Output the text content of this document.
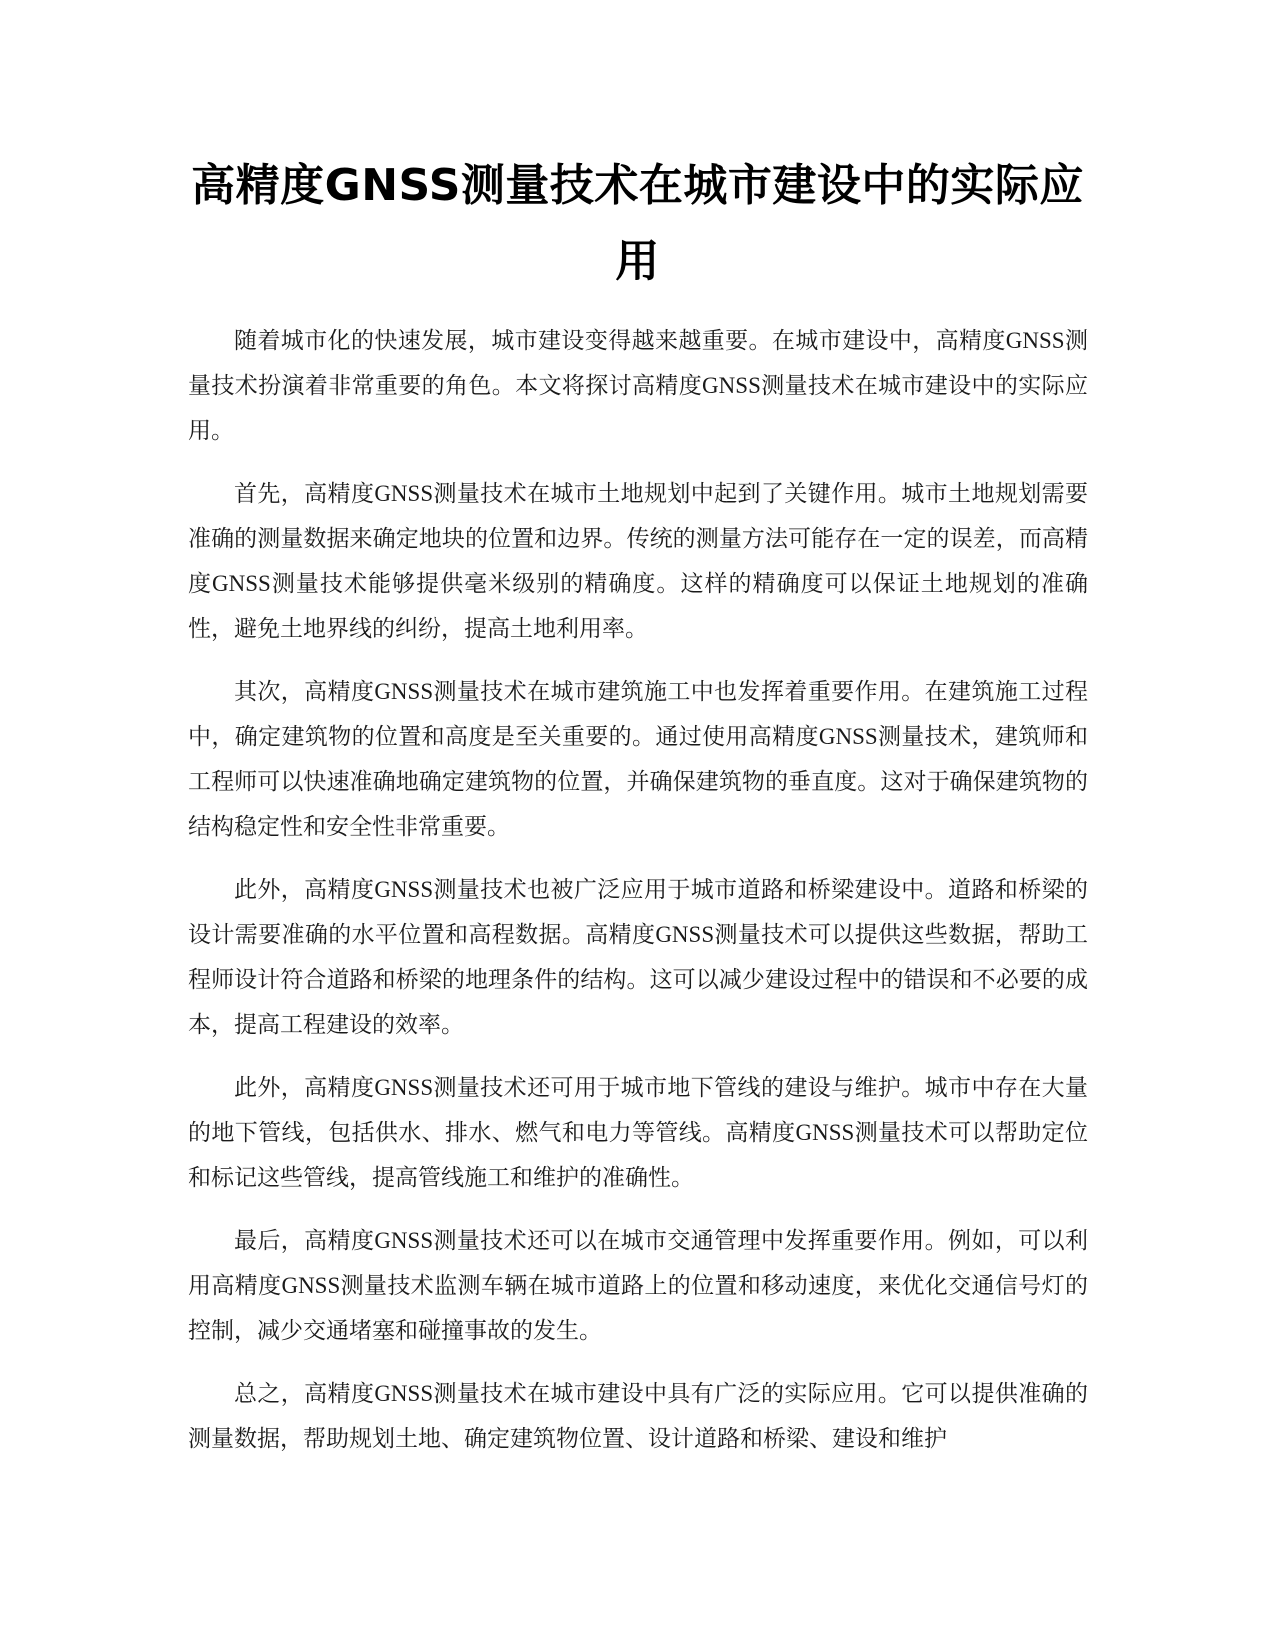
高精度GNSS测量技术在城市建设中的实际应用

随着城市化的快速发展，城市建设变得越来越重要。在城市建设中，高精度GNSS测量技术扮演着非常重要的角色。本文将探讨高精度GNSS测量技术在城市建设中的实际应用。

首先，高精度GNSS测量技术在城市土地规划中起到了关键作用。城市土地规划需要准确的测量数据来确定地块的位置和边界。传统的测量方法可能存在一定的误差，而高精度GNSS测量技术能够提供毫米级别的精确度。这样的精确度可以保证土地规划的准确性，避免土地界线的纠纷，提高土地利用率。

其次，高精度GNSS测量技术在城市建筑施工中也发挥着重要作用。在建筑施工过程中，确定建筑物的位置和高度是至关重要的。通过使用高精度GNSS测量技术，建筑师和工程师可以快速准确地确定建筑物的位置，并确保建筑物的垂直度。这对于确保建筑物的结构稳定性和安全性非常重要。

此外，高精度GNSS测量技术也被广泛应用于城市道路和桥梁建设中。道路和桥梁的设计需要准确的水平位置和高程数据。高精度GNSS测量技术可以提供这些数据，帮助工程师设计符合道路和桥梁的地理条件的结构。这可以减少建设过程中的错误和不必要的成本，提高工程建设的效率。

此外，高精度GNSS测量技术还可用于城市地下管线的建设与维护。城市中存在大量的地下管线，包括供水、排水、燃气和电力等管线。高精度GNSS测量技术可以帮助定位和标记这些管线，提高管线施工和维护的准确性。

最后，高精度GNSS测量技术还可以在城市交通管理中发挥重要作用。例如，可以利用高精度GNSS测量技术监测车辆在城市道路上的位置和移动速度，来优化交通信号灯的控制，减少交通堵塞和碰撞事故的发生。

总之，高精度GNSS测量技术在城市建设中具有广泛的实际应用。它可以提供准确的测量数据，帮助规划土地、确定建筑物位置、设计道路和桥梁、建设和维护
